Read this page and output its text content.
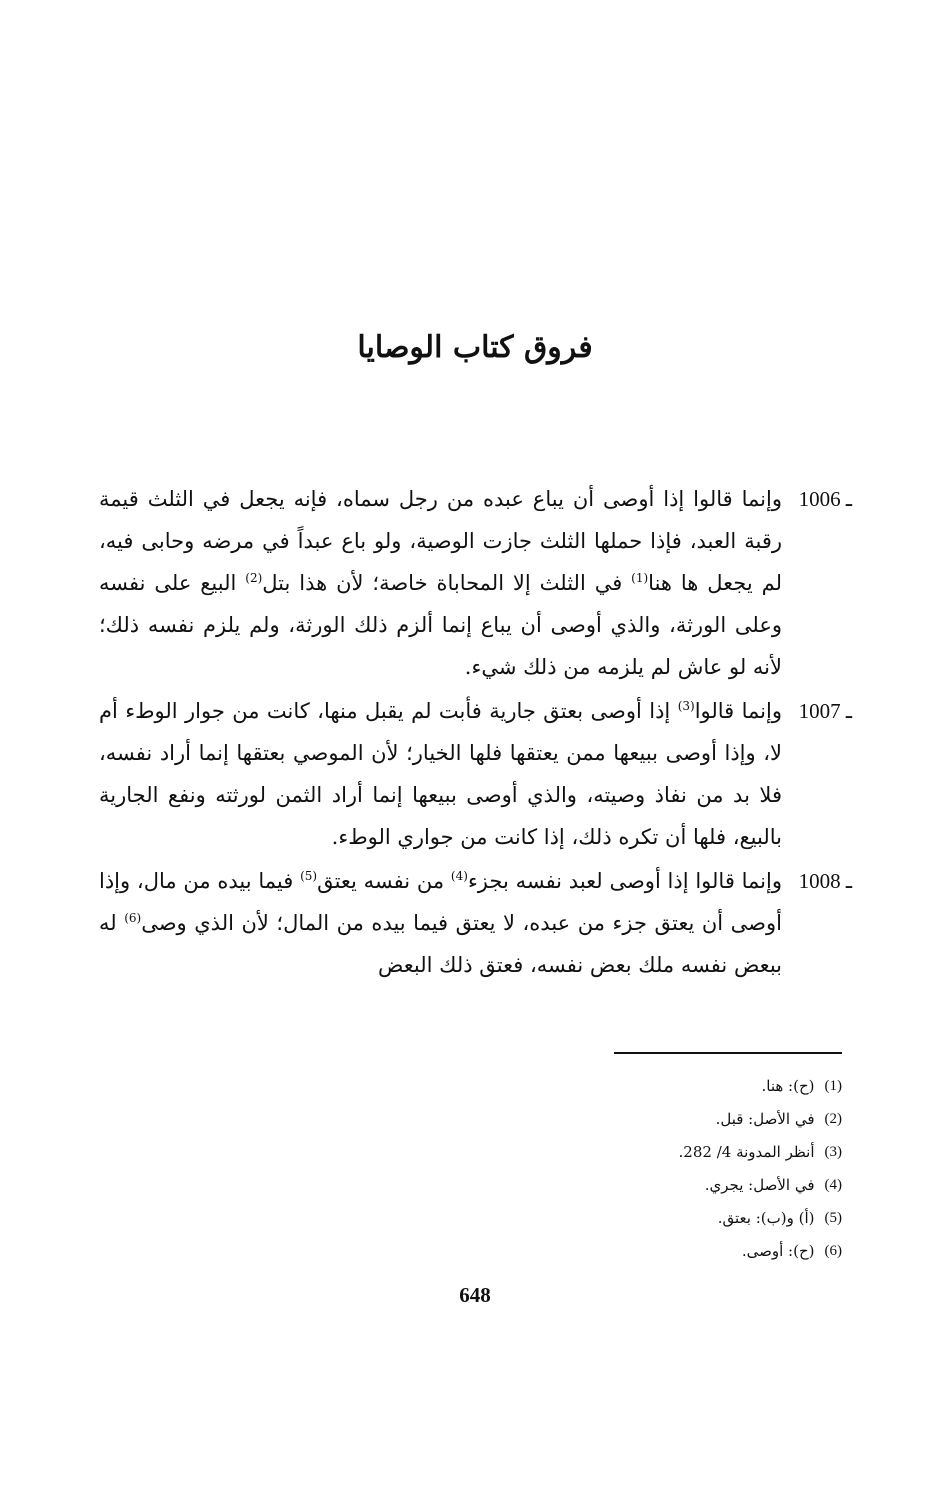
فروق كتاب الوصايا

1006 ـ
وإنما قالوا إذا أوصى أن يباع عبده من رجل سماه، فإنه يجعل في الثلث قيمة رقبة العبد، فإذا حملها الثلث جازت الوصية، ولو باع عبداً في مرضه وحابى فيه، لم يجعل ها هنا$^{(1)}$ في الثلث إلا المحاباة خاصة؛ لأن هذا بتل$^{(2)}$ البيع على نفسه وعلى الورثة، والذي أوصى أن يباع إنما ألزم ذلك الورثة، ولم يلزم نفسه ذلك؛ لأنه لو عاش لم يلزمه من ذلك شيء.

1007 ـ
وإنما قالوا$^{(3)}$ إذا أوصى بعتق جارية فأبت لم يقبل منها، كانت من جوار الوطء أم لا، وإذا أوصى ببيعها ممن يعتقها فلها الخيار؛ لأن الموصي بعتقها إنما أراد نفسه، فلا بد من نفاذ وصيته، والذي أوصى ببيعها إنما أراد الثمن لورثته ونفع الجارية بالبيع، فلها أن تكره ذلك، إذا كانت من جواري الوطء.

1008 ـ
وإنما قالوا إذا أوصى لعبد نفسه بجزء$^{(4)}$ من نفسه يعتق$^{(5)}$ فيما بيده من مال، وإذا أوصى أن يعتق جزء من عبده، لا يعتق فيما بيده من المال؛ لأن الذي وصى$^{(6)}$ له ببعض نفسه ملك بعض نفسه، فعتق ذلك البعض

(1)
(ح): هنا.
(2)
في الأصل: قبل.
(3)
أنظر المدونة 4/ 282.
(4)
في الأصل: يجري.
(5)
(أ) و(ب): بعتق.
(6)
(ح): أوصى.
648
